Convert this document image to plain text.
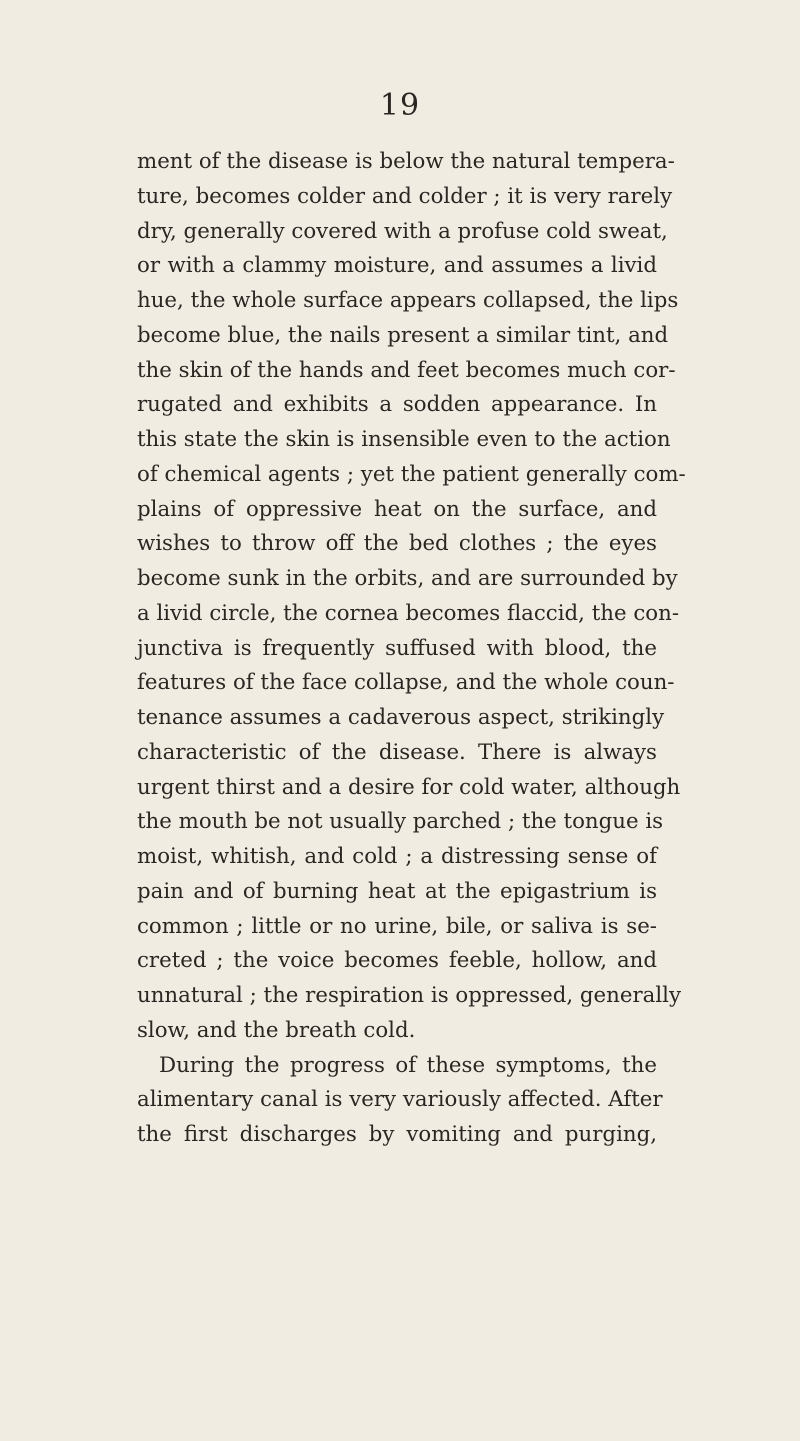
19
ment of the disease is below the natural tempera-
ture, becomes colder and colder ; it is very rarely
dry, generally covered with a profuse cold sweat,
or with a clammy moisture, and assumes a livid
hue, the whole surface appears collapsed, the lips
become blue, the nails present a similar tint, and
the skin of the hands and feet becomes much cor-
rugated and exhibits a sodden appearance. In
this state the skin is insensible even to the action
of chemical agents ; yet the patient generally com-
plains of oppressive heat on the surface, and
wishes to throw off the bed clothes ; the eyes
become sunk in the orbits, and are surrounded by
a livid circle, the cornea becomes flaccid, the con-
junctiva is frequently suffused with blood, the
features of the face collapse, and the whole coun-
tenance assumes a cadaverous aspect, strikingly
characteristic of the disease. There is always
urgent thirst and a desire for cold water, although
the mouth be not usually parched ; the tongue is
moist, whitish, and cold ; a distressing sense of
pain and of burning heat at the epigastrium is
common ; little or no urine, bile, or saliva is se-
creted ; the voice becomes feeble, hollow, and
unnatural ; the respiration is oppressed, generally
slow, and the breath cold.
During the progress of these symptoms, the
alimentary canal is very variously affected. After
the first discharges by vomiting and purging,
